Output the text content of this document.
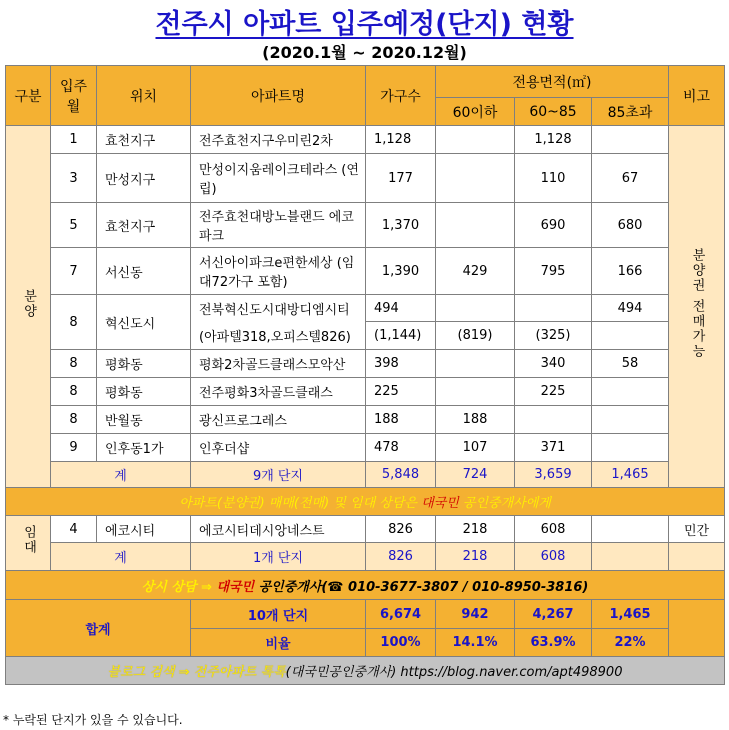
전주시 아파트 입주예정(단지) 현황
(2020.1월 ~ 2020.12월)
구분	입주월	위치	아파트명	가구수	전용면적(㎡)			비고
					60이하	60~85	85초과	
분양	1	효천지구	전주효천지구우미린2차	1,128		1,128		분양권 전매가능
	3	만성지구	만성이지움레이크테라스 (연립)	177		110	67	
	5	효천지구	전주효천대방노블랜드 에코파크	1,370		690	680	
	7	서신동	서신아이파크e편한세상 (임대72가구 포함)	1,390	429	795	166	
	8	혁신도시	전북혁신도시대방디엠시티	494			494	
			(아파텔318,오피스텔826)	(1,144)	(819)	(325)		
	8	평화동	평화2차골드클래스모악산	398		340	58	
	8	평화동	전주평화3차골드클래스	225		225		
	8	반월동	광신프로그레스	188	188			
	9	인후동1가	인후더샵	478	107	371		
	계		9개 단지	5,848	724	3,659	1,465	
아파트(분양권) 매매(전매) 및 임대 상담은 대국민 공인중개사에게								
임대	4	에코시티	에코시티데시앙네스트	826	218	608		민간
	계		1개 단지	826	218	608		
상시 상담 ⇒ 대국민 공인중개사(☎ 010-3677-3807 / 010-8950-3816)								
합계			10개 단지	6,674	942	4,267	1,465	
			비율	100%	14.1%	63.9%	22%	
블로그 검색 ⇒ 전주아파트 톡톡(대국민공인중개사) https://blog.naver.com/apt498900								
* 누락된 단지가 있을 수 있습니다.
